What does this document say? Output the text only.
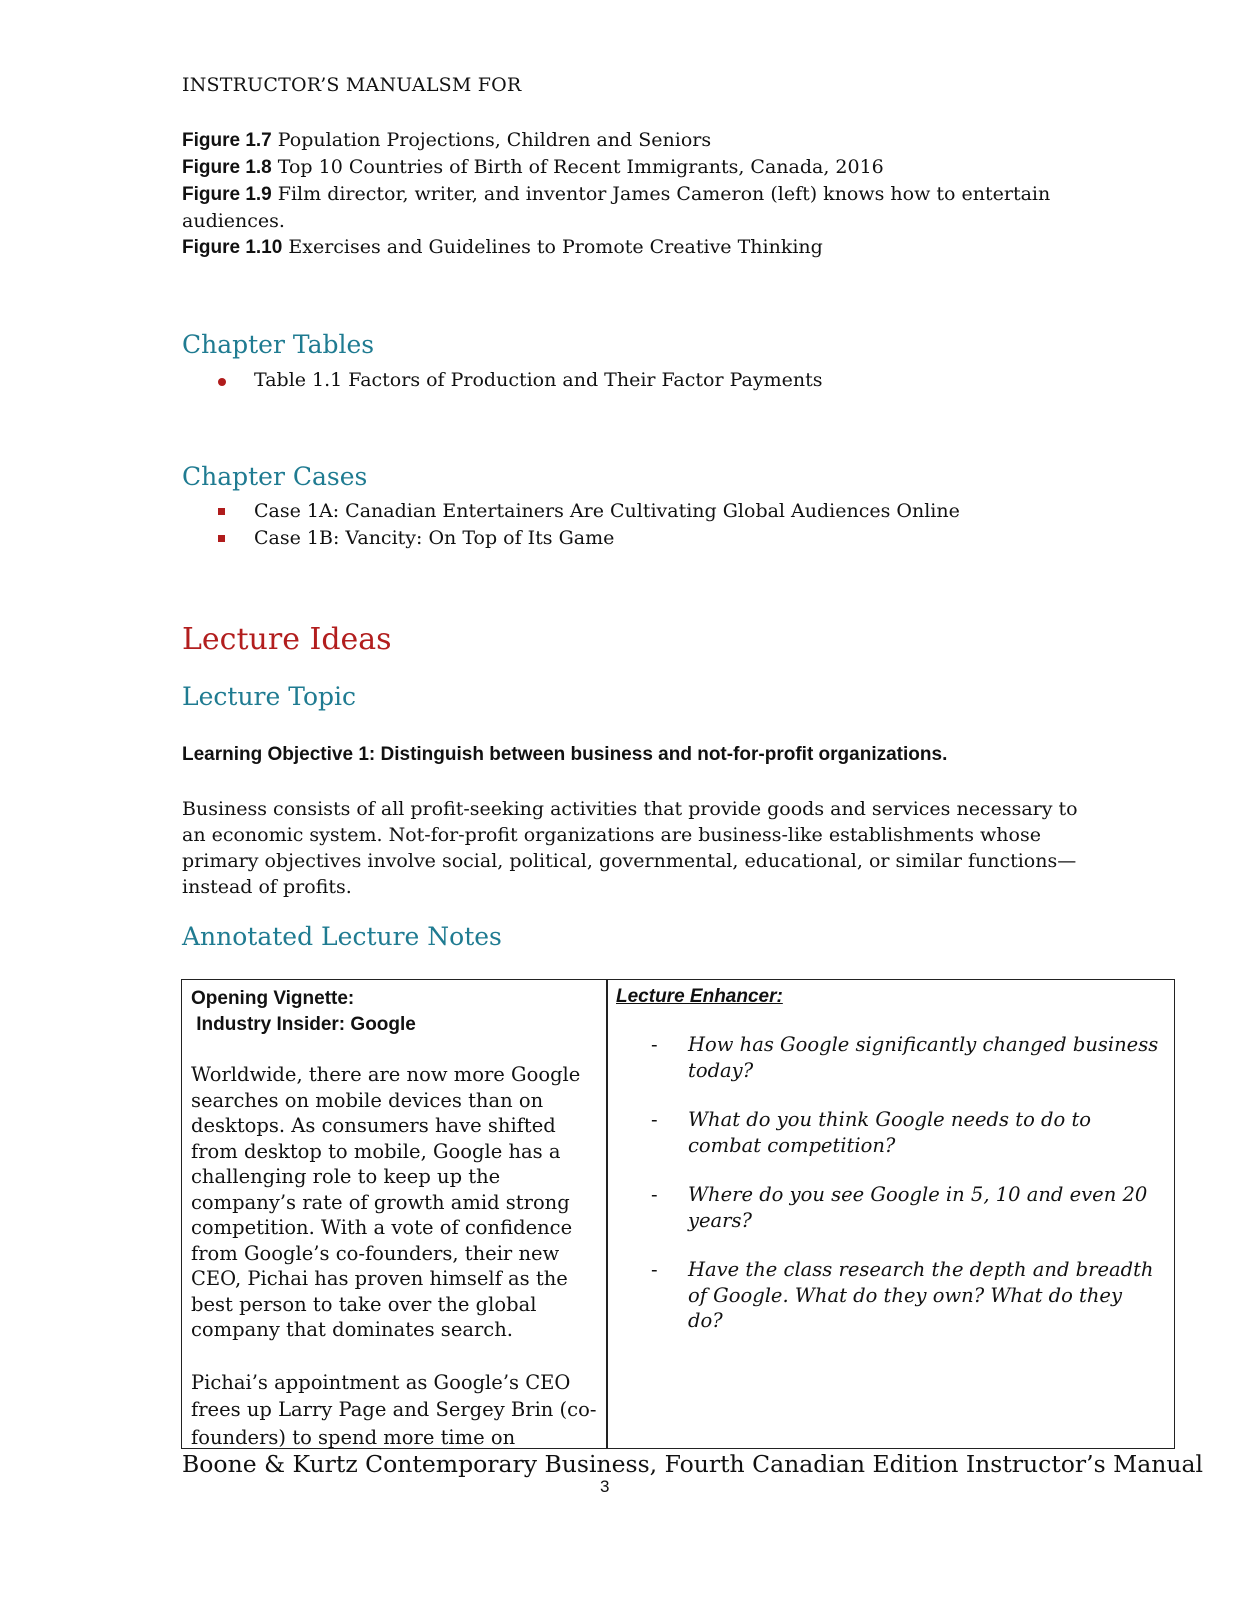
INSTRUCTOR’S MANUALSM FOR
Figure 1.7 Population Projections, Children and Seniors
Figure 1.8 Top 10 Countries of Birth of Recent Immigrants, Canada, 2016
Figure 1.9 Film director, writer, and inventor James Cameron (left) knows how to entertain audiences.
Figure 1.10 Exercises and Guidelines to Promote Creative Thinking
Chapter Tables
Table 1.1 Factors of Production and Their Factor Payments
Chapter Cases
Case 1A: Canadian Entertainers Are Cultivating Global Audiences Online
Case 1B: Vancity: On Top of Its Game
Lecture Ideas
Lecture Topic
Learning Objective 1: Distinguish between business and not-for-profit organizations.
Business consists of all profit-seeking activities that provide goods and services necessary to an economic system. Not-for-profit organizations are business-like establishments whose primary objectives involve social, political, governmental, educational, or similar functions—instead of profits.
Annotated Lecture Notes
Opening Vignette:
Industry Insider: Google
Worldwide, there are now more Google searches on mobile devices than on desktops. As consumers have shifted from desktop to mobile, Google has a challenging role to keep up the company’s rate of growth amid strong competition. With a vote of confidence from Google’s co-founders, their new CEO, Pichai has proven himself as the best person to take over the global company that dominates search.
Pichai’s appointment as Google’s CEO frees up Larry Page and Sergey Brin (co-founders) to spend more time on
Lecture Enhancer:
- How has Google significantly changed business today?
- What do you think Google needs to do to combat competition?
- Where do you see Google in 5, 10 and even 20 years?
- Have the class research the depth and breadth of Google. What do they own? What do they do?
Boone & Kurtz Contemporary Business, Fourth Canadian Edition Instructor’s Manual
3
